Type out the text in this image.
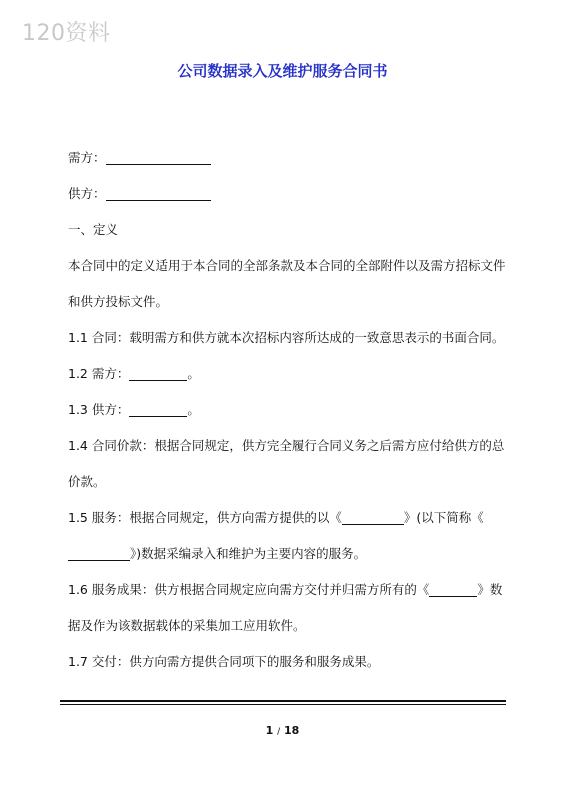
120资料
公司数据录入及维护服务合同书

需方：

供方：

一、定义

本合同中的定义适用于本合同的全部条款及本合同的全部附件以及需方招标文件和供方投标文件。

1.1 合同：载明需方和供方就本次招标内容所达成的一致意思表示的书面合同。

1.2 需方：	。

1.3 供方：	。

1.4 合同价款：根据合同规定，供方完全履行合同义务之后需方应付给供方的总价款。

1.5 服务：根据合同规定，供方向需方提供的以《	》(以下简称《》)数据采编录入和维护为主要内容的服务。

1.6 服务成果：供方根据合同规定应向需方交付并归需方所有的《	》数据及作为该数据载体的采集加工应用软件。

1.7 交付：供方向需方提供合同项下的服务和服务成果。

1 / 18
